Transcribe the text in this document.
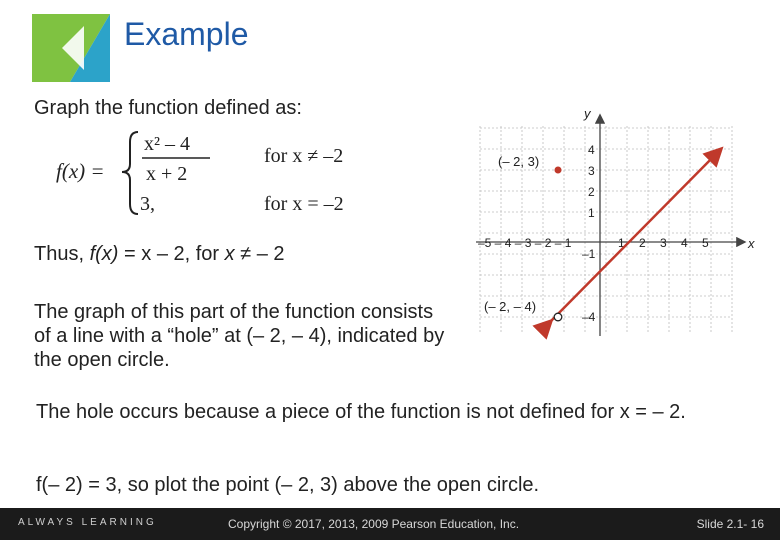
Example

Graph the function defined as:

f(x) =
x² – 4
x + 2
for x ≠ –2
3,	for x = –2

Thus, f(x) = x – 2, for x ≠ – 2

The graph of this part of the function consists of a line with a “hole” at (– 2, – 4), indicated by the open circle.

The hole occurs because a piece of the function is not defined for x = – 2.

f(– 2) = 3, so plot the point (– 2, 3) above the open circle.

y
x
4
3
2
1
–1
–4
–5 – 4 – 3 – 2 – 1	1 2 3 4 5
(– 2, 3)
(– 2, – 4)
ALWAYS LEARNING	Copyright © 2017, 2013, 2009 Pearson Education, Inc.	Slide 2.1- 16
